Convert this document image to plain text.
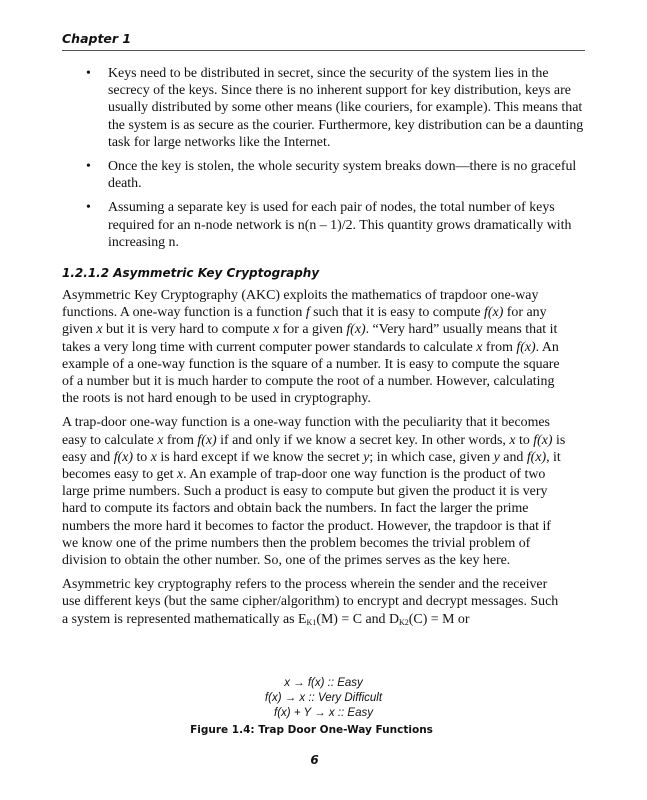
Chapter 1
• Keys need to be distributed in secret, since the security of the system lies in the secrecy of the keys. Since there is no inherent support for key distribution, keys are usually distributed by some other means (like couriers, for example). This means that the system is as secure as the courier. Furthermore, key distribution can be a daunting task for large networks like the Internet.
• Once the key is stolen, the whole security system breaks down—there is no graceful death.
• Assuming a separate key is used for each pair of nodes, the total number of keys required for an n-node network is n(n – 1)/2. This quantity grows dramatically with increasing n.
1.2.1.2 Asymmetric Key Cryptography

Asymmetric Key Cryptography (AKC) exploits the mathematics of trapdoor one-way functions. A one-way function is a function f such that it is easy to compute f(x) for any given x but it is very hard to compute x for a given f(x). “Very hard” usually means that it takes a very long time with current computer power standards to calculate x from f(x). An example of a one-way function is the square of a number. It is easy to compute the square of a number but it is much harder to compute the root of a number. However, calculating the roots is not hard enough to be used in cryptography.

A trap-door one-way function is a one-way function with the peculiarity that it becomes easy to calculate x from f(x) if and only if we know a secret key. In other words, x to f(x) is easy and f(x) to x is hard except if we know the secret y; in which case, given y and f(x), it becomes easy to get x. An example of trap-door one way function is the product of two large prime numbers. Such a product is easy to compute but given the product it is very hard to compute its factors and obtain back the numbers. In fact the larger the prime numbers the more hard it becomes to factor the product. However, the trapdoor is that if we know one of the prime numbers then the problem becomes the trivial problem of division to obtain the other number. So, one of the primes serves as the key here.

Asymmetric key cryptography refers to the process wherein the sender and the receiver use different keys (but the same cipher/algorithm) to encrypt and decrypt messages. Such a system is represented mathematically as $E_{K1}(M) = C$ and $D_{K2}(C) = M$ or

x → f(x) :: Easy
f(x) → x :: Very Difficult
f(x) + Y → x :: Easy
Figure 1.4: Trap Door One-Way Functions
6
